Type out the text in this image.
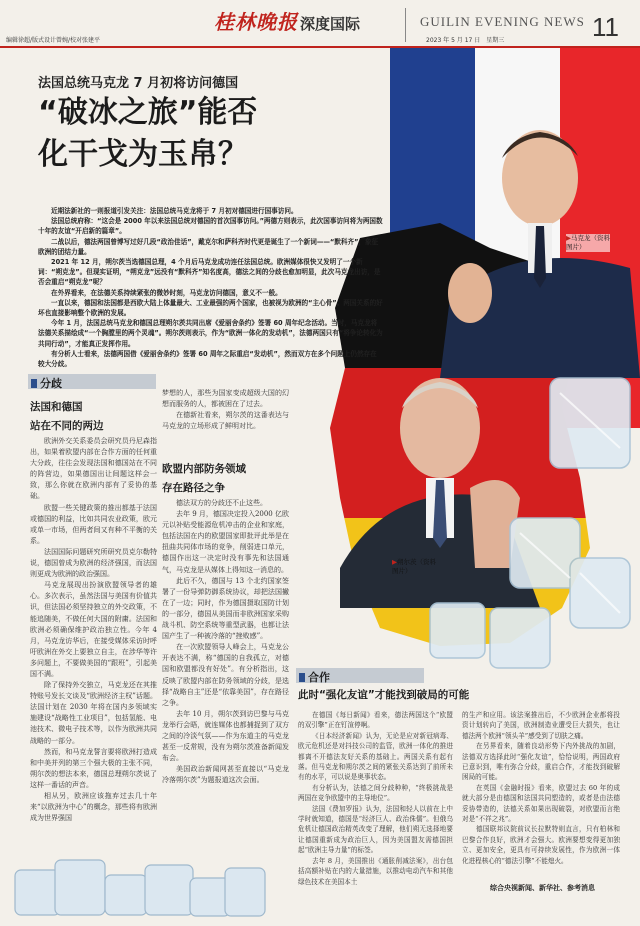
编辑徐超/版式设计曾婉/校对张建平
桂林晚报 深度国际	GUILIN EVENING NEWS
2023 年 5 月 17 日　星期三	11
▶马克龙（资料图片）
▶朔尔茨（资料图片）
法国总统马克龙 7 月初将访问德国
“破冰之旅”能否
化干戈为玉帛？

近期法新社的一则报道引发关注：法国总统马克龙将于 7 月初对德国进行国事访问。

法国总统府称：“这会是 2000 年以来法国总统对德国的首次国事访问。”两德方则表示，此次国事访问将为两国数十年的友谊“开启新的篇章”。

二战以后，德法两国曾博写过好几段“政治佳话”，戴克尔和萨科齐时代更是诞生了一个新词——“默科齐”，象征欧洲的团结力量。

2021 年 12 月，朔尔茨当选德国总理，4 个月后马克龙成功连任法国总统。欧洲媒体很快又发明了一个新词：“朔克龙”。但现实证明，“朔克龙”远没有“默科齐”知名度高，德法之间的分歧也愈加明显，此次马克龙出访，是否会重启“朔克龙”呢？

在外界看来，在法德关系持续紧张的微妙时刻，马克龙访问德国，意义不一般。

一直以来，德国和法国都是西欧大陆上体量最大、工业最强的两个国家，也被视为欧洲的“主心骨”。两国关系的好坏也直接影响整个欧洲的发展。

今年 1 月，法国总统马克龙和德国总理朔尔茨共同出席《爱丽舍条约》签署 60 周年纪念活动。当时，马克龙将法德关系描绘成“一个胸膛里的两个灵魂”。朔尔茨则表示，作为“欧洲一体化的发动机”，法德两国只有“将争论转化为共同行动”，才能真正发挥作用。

有分析人士看来，法德两国借《爱丽舍条约》签署 60 周年之际重启“发动机”，然而双方在多个问题上仍然存在较大分歧。

分歧
法国和德国
站在不同的两边

欧洲外交关系委员会研究员丹尼森指出，如果着欧盟内部在合作方面的任何重大分歧，往往会发现法国和德国站在不同的阵营边，如果德国出让间题这样会一致，那么你就在欧洲内部有了妥协的基础。

欧盟一些关键政策的推出都基于法国或德国的利益，比如共同农业政策，欧元或单一市场，但两者间又有种不平衡的关系。

法国国际问题研究所研究员克尔勒特说，德国曾成为欧洲的经济强国，而法国则更成为欧洲的政治强国。

马克龙展现出扮演欧盟领导者的雄心。多次表示，虽然法国与美国有价值共识，但法国必须坚持独立的外交政策，不能追随美，不做任何大国的附庸。法国和欧洲必须确保维护政治独立性。今年 4 月，马克龙访华后，在接受媒体采访时呼吁欧洲在外交上要独立自主，在涉华等许多问题上，不要做美国的“跟班”，引起美国不满。

除了保持外交独立，马克龙还在其推特账号发长文谈及“欧洲经济主权”话题。法国计划在 2030 年将在国内多领域实施建设“战略性工业项目”，包括氢能、电池技术、微电子技术等，以作为欧洲共同战略的一部分。

然而，和马克龙誓言要将欧洲打造成和中美并列的第三个强大极的主张不同，朔尔茨的想法本来，德国总理朔尔茨说了这样一番话的声音。

相从另，欧洲应该拖弃过去几十年来“以欧洲为中心”的概念，那些将有欧洲成为世界强国

梦想的人，那些为国家变成超级大国的幻想而服务的人，都被困在了过去。

在德新社看来，朔尔茨的这番表达与马克龙的立场形成了鲜明对比。

欧盟内部防务领域
存在路径之争

德法双方的分歧还不止这些。

去年 9 月，德国决定投入2000 亿欧元以补贴受能源危机冲击的企业和家庭，包括法国在内的欧盟国家即批评此举是在扭曲共同体市场的竞争，削弱进口单元，德国作出这一决定时没有事先和法国通气，马克龙是从媒体上得知这一消息的。

此后不久，德国与 13 个北约国家签署了一份导弹防御系统协议，却把法国撇在了一边；同时，作为德国摄取国防计划的一部分，德国从美国而非欧洲国家采购战斗机、防空系统等重型武器，也都让法国产生了一种被冷落的“挫败感”。

在一次欧盟领导人峰会上，马克龙公开表达不满，称“德国的自我孤立，对德国和欧盟都没有好处”。有分析指出，这反映了欧盟内部在防务领域的分歧，是选择“战略自主”还是“依靠美国”，存在路径之争。

去年 10 月，朔尔茨到访巴黎与马克龙举行会晤，就连媒体也都捕捉到了双方之间的冷淡气氛——作为东道主的马克龙甚至一反常规，没有为朔尔茨准备新闻发布会。

美国政治新闻网甚至直接以“马克龙冷落朔尔茨”为题报道这次会面。

合作
此时“强化友谊”才能找到破局的可能

在德国《每日新闻》看来，德法两国这个“欧盟的双引擎”正在钉渲停啊。

《日本经济新闻》认为，无论是应对新冠病毒、欧元危机还是对抖技公司的监管，欧洲一体化的推进都离不开德法友好关系的基础上。两国关系有起有落。但马克龙和朔尔茨之间的紧张关系达到了前所未有的水平，可以说是奥事状态。

有分析认为，法德之间分歧种种，“终极挑战是两国在竞争欧盟中的主导地位”。

法国《费加罗报》认为，法国和轻人以前在上中学时就知道，德国是“经济巨人、政治侏儒”。但俄乌危机让德国政治精英改变了理解，他们朔无选择地要让德国重新成为政治巨人，因为美国盟友需德国担起“欧洲主导力量”的标签。

去年 8 月，美国推出《通胀削减法案》，出台包括高额补贴在内的大量措施，以推动电动汽车和其他绿色技术在美国本土

的生产和应用。该法案推出后，不少欧洲企业都将投资计划转向了美国，欧洲制造业遭受巨大损失，也让德法两个欧洲“领头羊”感受到了切肤之痛。

在另界看来，随着良动形势下内外挑战的加剧，法德双方选择此时“强化友谊”，恰恰说明，两国政府已意识到，唯有弥合分歧，重启合作，才能找到破解困局的可能。

在英国《金融时报》看来，欧盟过去 60 年的成就大部分是由德国和法国共同塑造的，或者是由法德妥协带造的，法德关系如果出现破裂，对欧盟而言绝对是“不祥之兆”。

德国联邦议院前议长拉默特则直言，只有柏林和巴黎合作良好，欧洲才会强大。欧洲要想变得更加独立、更加安全，更具有可持续发展性，作为欧洲一体化进程核心的“德法引擎”不能熄火。

综合央视新闻、新华社、参考消息
